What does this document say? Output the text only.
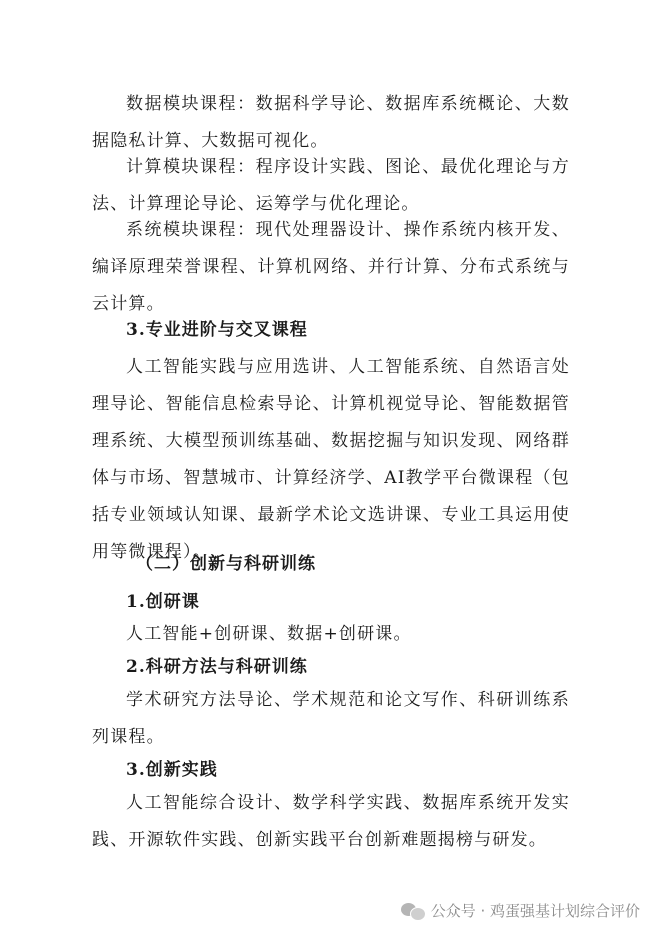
数据模块课程：数据科学导论、数据库系统概论、大数据隐私计算、大数据可视化。

计算模块课程：程序设计实践、图论、最优化理论与方法、计算理论导论、运筹学与优化理论。

系统模块课程：现代处理器设计、操作系统内核开发、编译原理荣誉课程、计算机网络、并行计算、分布式系统与云计算。

3.专业进阶与交叉课程

人工智能实践与应用选讲、人工智能系统、自然语言处理导论、智能信息检索导论、计算机视觉导论、智能数据管理系统、大模型预训练基础、数据挖掘与知识发现、网络群体与市场、智慧城市、计算经济学、AI教学平台微课程（包括专业领域认知课、最新学术论文选讲课、专业工具运用使用等微课程）。

（二）创新与科研训练

1.创研课

人工智能+创研课、数据+创研课。

2.科研方法与科研训练

学术研究方法导论、学术规范和论文写作、科研训练系列课程。

3.创新实践

人工智能综合设计、数学科学实践、数据库系统开发实践、开源软件实践、创新实践平台创新难题揭榜与研发。

公众号 · 鸡蛋强基计划综合评价
